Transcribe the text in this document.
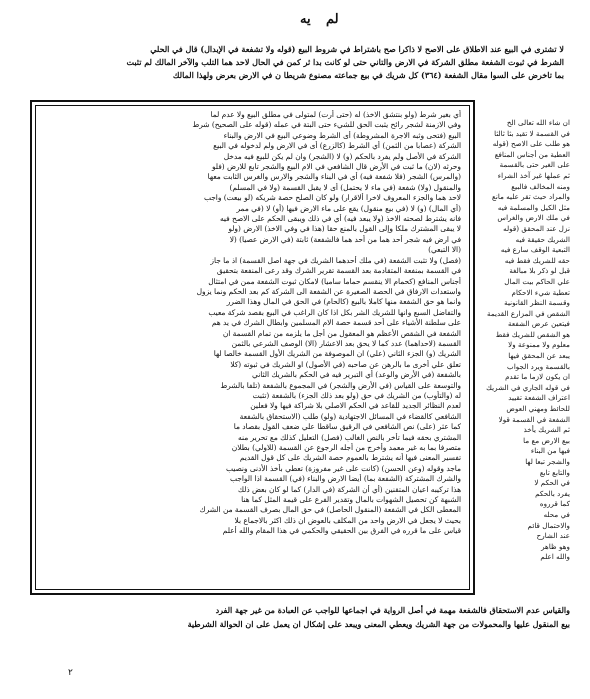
يه لم
لا تشترى في البيع عند الاطلاق على الاصح لا ذاكرا صح باشتراط في شروط البيع (قوله ولا تشفعة في الإبدال) قال في الحلي
الشرط في ثبوت الشفعة مطلق الشركة في الارض والتاني حتى لو كانت بدا ثر كمن في الحال لاحد هما التلب والآخر المالك لم تثبت
بما تاخرض على السوا مقال الشفعة (٣٦٤) كل شريك في بيع جماعته مصنوع شريطا ن في الارض بعرض ولهذا المالك

ان شاء الله تعالى الخ

في القسمة لا تقيد بثا ثالثا

هو طلب على الاصح (قوله

العطية من أجناس المنافع

على الغير حتى بالقسمة

ثم عملها غير آخذ الشراء

ومنه المخالف فالبيع

والمراد حيث تقر عليه مانع

مثل الكيل والمسلمة فيه

في ملك الارض والغراس

نزل عند المحقق (قوله

الشريك حقيقة فيه

التبعية الوقف سارع فيه

حقه للشريك فقط فيه

قبل لو ذكر بلا مبالغة

علي الحاكم بيت المال

تعطية شيء الاحكام

وقسمة النظر القانونية

الشقص في المزارع القديمة

فيتعين عرض الشفعة

هو الشقص للشريك فقط

معلوم ولا ممنوعة ولا

يبعد عن المحقق فيها

بالقسمة ويرد الجواب

ان يكون لازما ما تقدم

في قوله الجاري في الشريك

اعتراف الشفعة تقييد

للحائط ومهني العوض

الشفعة في القسمة قولا

ثم الشريك يأخذ

بيع الارض مع ما

فيها من البناء

والشجر تبعا لها

والتابع تابع

في الحكم لا

يفرد بالحكم

كما قرروه

في محله

والاحتمال قائم

عند الشارح

وهو ظاهر

والله اعلم

أي بغير شرط (ولو بنتشق الاخذ) له (حتى أرت) لمتولى في مطلق البيع ولا عدم لما

وفي الازمنة لشجر رائح يثبت الحق للشيء حتى البتة في عمله (قوله على الصحيح) شرط

البيع (فتحى وثبه الاجرة المشروطة) أى الشرط وضوعي البيع في الارض والبناء

الشركة (عصابا من الثمن) أي الشرط (كالزرع) أى في الارض ولم لدخوله في البيع

الشركة في الأصل ولم يفرد بالحكم (و) لا (الشجر) وان لم يكن للبيع فيه مدخل

وحرثه (لان) ما ثبت في الأرض قال الشافعي في الام البيع والشجر تابع للارض (فلو

(والمرس) الشجر (فلا شفعة فيه) أي في البناء والشجر والارس والغرس الثابت معها

والمنقول (ولا) شفعة (في ماء لا يحتمل) أى لا يقبل القسمة (ولا في المسلم)

لاحد هما والجزء المعروف لاخرا ألاقرار) ولو كان الصلح حصة شريكه (لو بيعت) واجب

(أي المال) (و) لا (في بيع منقول) يقع على ماء الارض فيها (أو) لا (في ممر

فانه يشترط لصحته الاخذ (ولا يبعد فيه) أي في ذلك ويبقى الحكم على الاصح فيه

لا يبقى المشترك ملكا وإلى القول بالمنع حقا (هذا في وفي الاخذ) الارض (ولو

في ارض فيه شجر أحد هما من أحد هما فالشفعة) ثابتة (في الارض عصيا) (لا

(الا التبعي)

(فصل) ولا تثبت الشفعة (في ملك أحدهما الشريك في جهة اصل القسمة) اذ ما جاز

في القسمة بمنفعة المتقادمة بعد القسمة تقرير الشرك وقد رعى المنفعة بتحقيق

أجناس المنافع (كحمام الا ينقسم حماما ساميا) لامكان ثبوت الشفعة ممن في امتثال

واستعدات الارفاق في الحصة الصغيرة عن الشفعة الى الشركة كم بعد الحكم ونما يزول

وانما هو حق الشفعة منها كاملا بالبيع (كالحام) في الحق في المال وهذا الضرر

والتفاضل السبع وانها للشريك الشر بكل اذا كان الراغب في البيع بقصد شركة معيب

على سلطنة الأشياء على أحد قسمة حصة الام المسلمين وابطال الشرك في يد هم

الشفعة في الشقص الأعظم هو المعقول من أجل ما يلزمه من تمام القسمة ان

القسمة (لاحداهما) عدد كما لا يحق بعد الاعشار (الا) الوصف الشرعي بالثمن

الشريك (و) الجزء الثاني (علي) ان الموصوفة من الشريك الأول القسمة خالصا لها

تعلق علي أخرى ما بالرهن عن صاحبه (في الأصول) او الشريك في ثبوته (كلا

بالشفعة (في الأرض والوعد) أي التبرير فيه في الحكم بالشريك الثاني

والتوسعة على القياس (في الأرض والشجر) في المجموع بالشفعة (تلفا بالشرط

له (والتأوب) من الشريك في حق (ولو بعد ذلك الجزء) بالشفعة (تثبت

لعدم النظائر الجديد للقاعد في الحكم الاصلي بلا شراكة فيها ولا فعلين

الشافعي كالقضاء في المسائل الاجتهادية (ولو) طلب (الاستحقاق بالشفعة

كما عثر (على) نص الشافعي في الرقيق ساقطا علي ضعف القول بقصاد ما

المشتري بحقه فيما تأخر بالنص الغالب (فصل) التعليل كذلك مع تحرير منه

متصرفا بما به غير معمد وأخرج من أجله الرجوع عن القسمة (للاولي) بطلان

تفسير المعنى فيها أنه يشترط بالعموم حصة الشريك على كل قول القديم

ماجد وقوله (وعن الحسن) (كانت على غير مفروزة) تعطي بأخذ الأدنى ونصيب

والشرك المشتركة (الشفعة بما) أيضا الارض والبناء (في) القسمة اذا الواجب

هذا تركيبه اعيان المتقنين (أي أن الشركة (في الدار) كما لو كان بعض ذلك

الشبهة كن تحصيل الشهوات بالمال وتقدير الفرع على قيمة المثل كما هنا

المعطى الكل في الشفعة (المنقول الحاصل) في حق المال بصرف القسمة من الشرك

بحيث لا يجعل في الارض واحد من المكلف بالعوض ان ذلك اكثر بالاجماع بلا

قياس على ما قرره في الفرق بين الحقيقي والحكمي في هذا المقام والله أعلم

والقياس عدم الاستحقاق فالشفعة مهمة في أصل الرواية في اجماعها للواجب عن العبادة من غير جهة الفرد
بيع المنقول عليها والمحمولات من جهة الشريك ويعطي المعنى ويبعد على إشكال ان يعمل على ان الحوالة الشرطية
٢
